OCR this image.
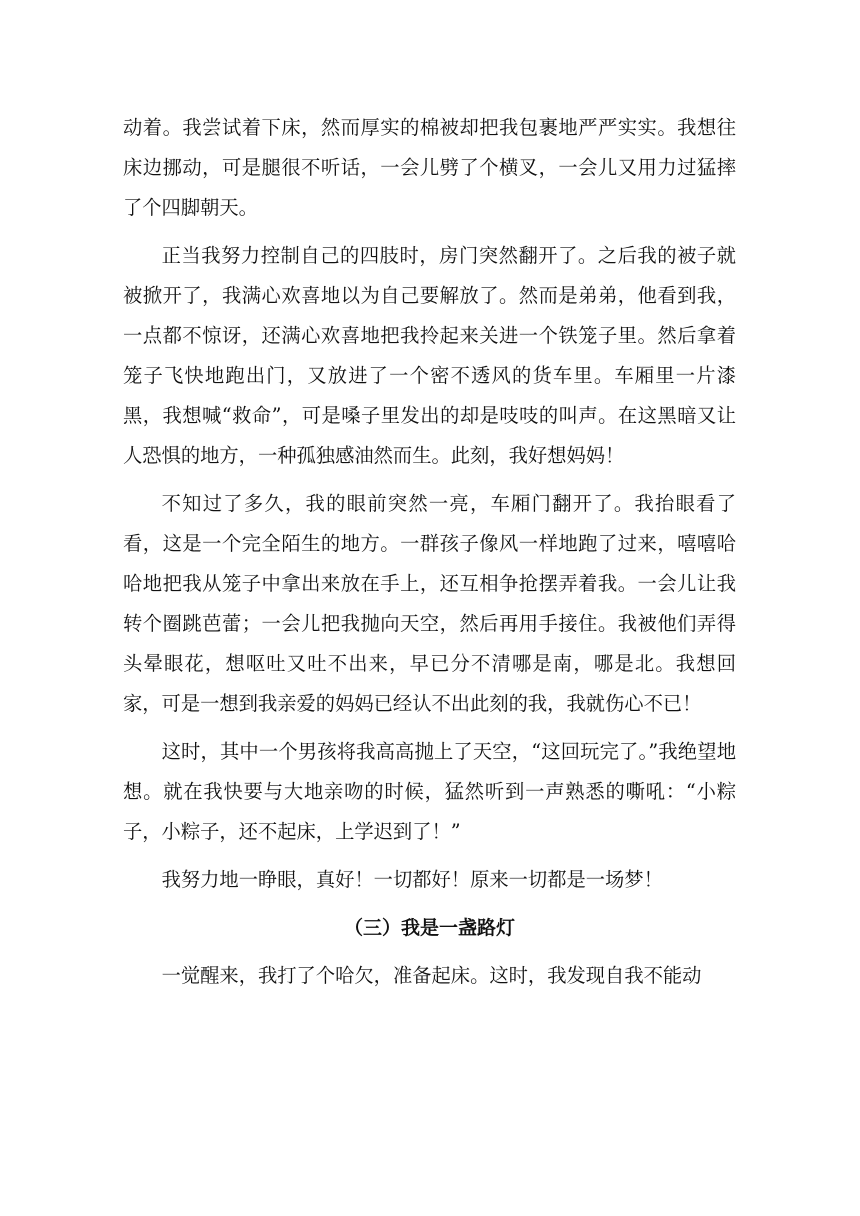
动着。我尝试着下床，然而厚实的棉被却把我包裹地严严实实。我想往床边挪动，可是腿很不听话，一会儿劈了个横叉，一会儿又用力过猛摔了个四脚朝天。

正当我努力控制自己的四肢时，房门突然翻开了。之后我的被子就被掀开了，我满心欢喜地以为自己要解放了。然而是弟弟，他看到我，一点都不惊讶，还满心欢喜地把我拎起来关进一个铁笼子里。然后拿着笼子飞快地跑出门，又放进了一个密不透风的货车里。车厢里一片漆黑，我想喊“救命”，可是嗓子里发出的却是吱吱的叫声。在这黑暗又让人恐惧的地方，一种孤独感油然而生。此刻，我好想妈妈！

不知过了多久，我的眼前突然一亮，车厢门翻开了。我抬眼看了看，这是一个完全陌生的地方。一群孩子像风一样地跑了过来，嘻嘻哈哈地把我从笼子中拿出来放在手上，还互相争抢摆弄着我。一会儿让我转个圈跳芭蕾；一会儿把我抛向天空，然后再用手接住。我被他们弄得头晕眼花，想呕吐又吐不出来，早已分不清哪是南，哪是北。我想回家，可是一想到我亲爱的妈妈已经认不出此刻的我，我就伤心不已！

这时，其中一个男孩将我高高抛上了天空，“这回玩完了。”我绝望地想。就在我快要与大地亲吻的时候，猛然听到一声熟悉的嘶吼：“小粽子，小粽子，还不起床，上学迟到了！”

我努力地一睁眼，真好！一切都好！原来一切都是一场梦！

（三）我是一盏路灯

一觉醒来，我打了个哈欠，准备起床。这时，我发现自我不能动
